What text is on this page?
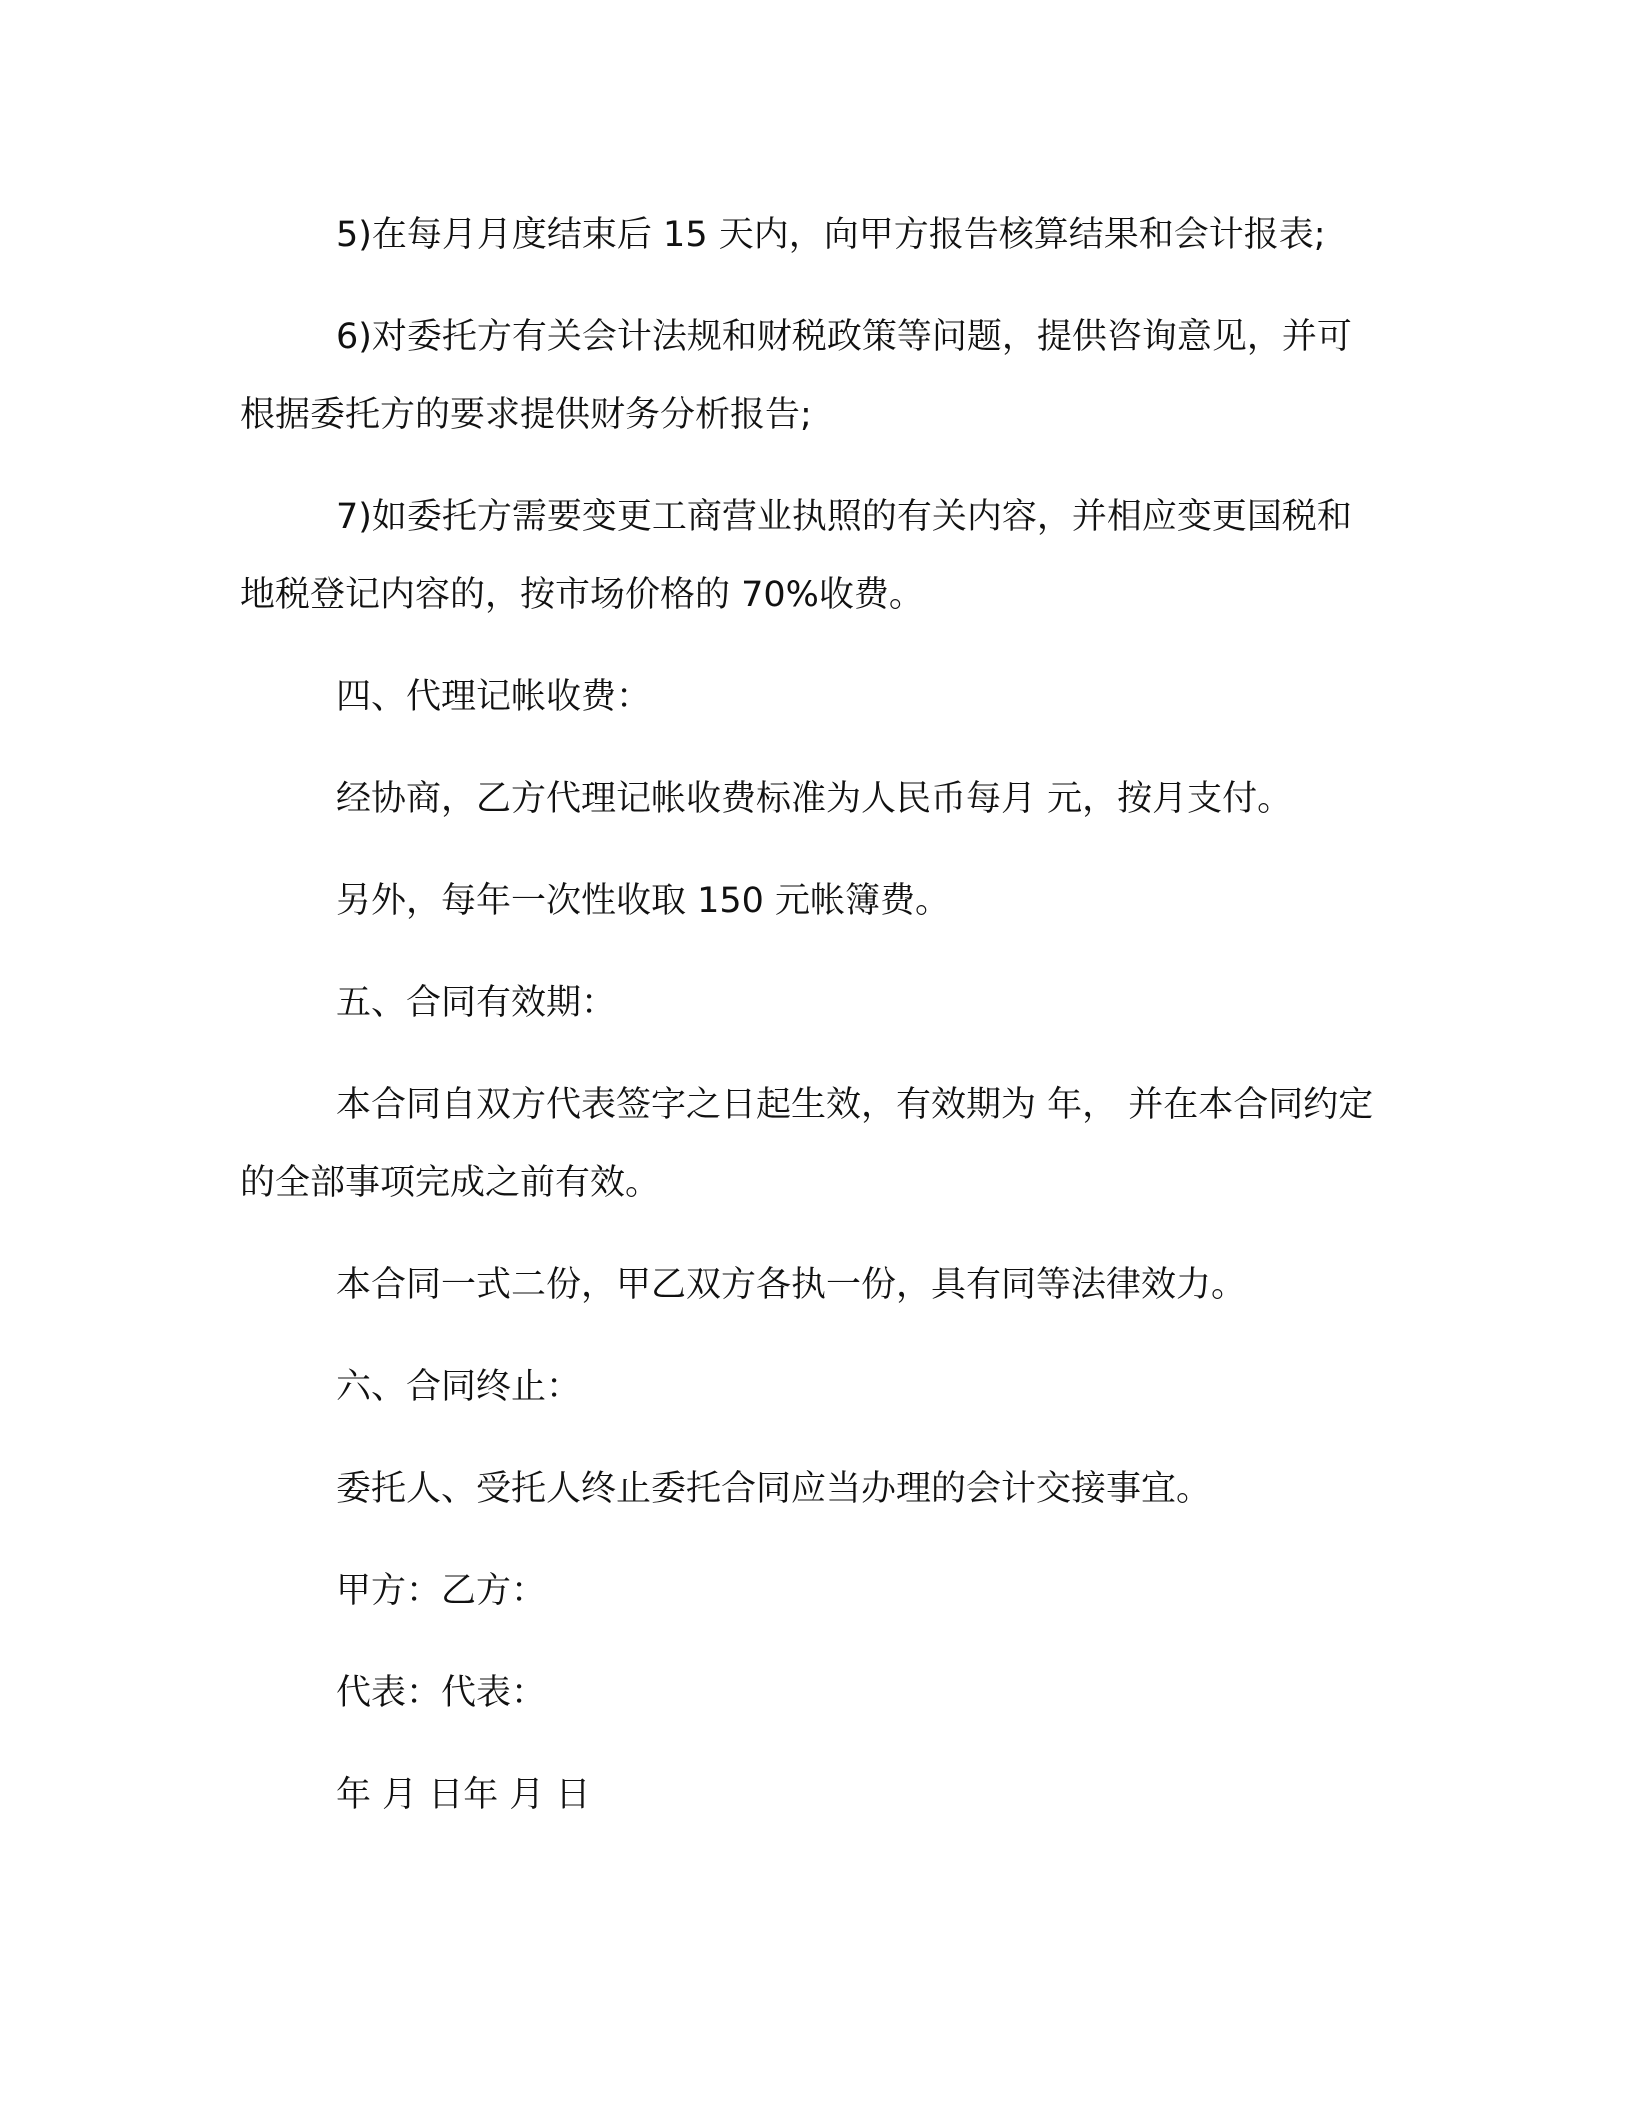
5)在每月月度结束后 15 天内，向甲方报告核算结果和会计报表;

6)对委托方有关会计法规和财税政策等问题，提供咨询意见，并可根据委托方的要求提供财务分析报告;

7)如委托方需要变更工商营业执照的有关内容，并相应变更国税和地税登记内容的，按市场价格的 70%收费。

四、代理记帐收费：

经协商，乙方代理记帐收费标准为人民币每月 元，按月支付。

另外，每年一次性收取 150 元帐簿费。

五、合同有效期：

本合同自双方代表签字之日起生效，有效期为 年， 并在本合同约定的全部事项完成之前有效。

本合同一式二份，甲乙双方各执一份，具有同等法律效力。

六、合同终止：

委托人、受托人终止委托合同应当办理的会计交接事宜。

甲方：乙方：

代表：代表：

年 月 日年 月 日
